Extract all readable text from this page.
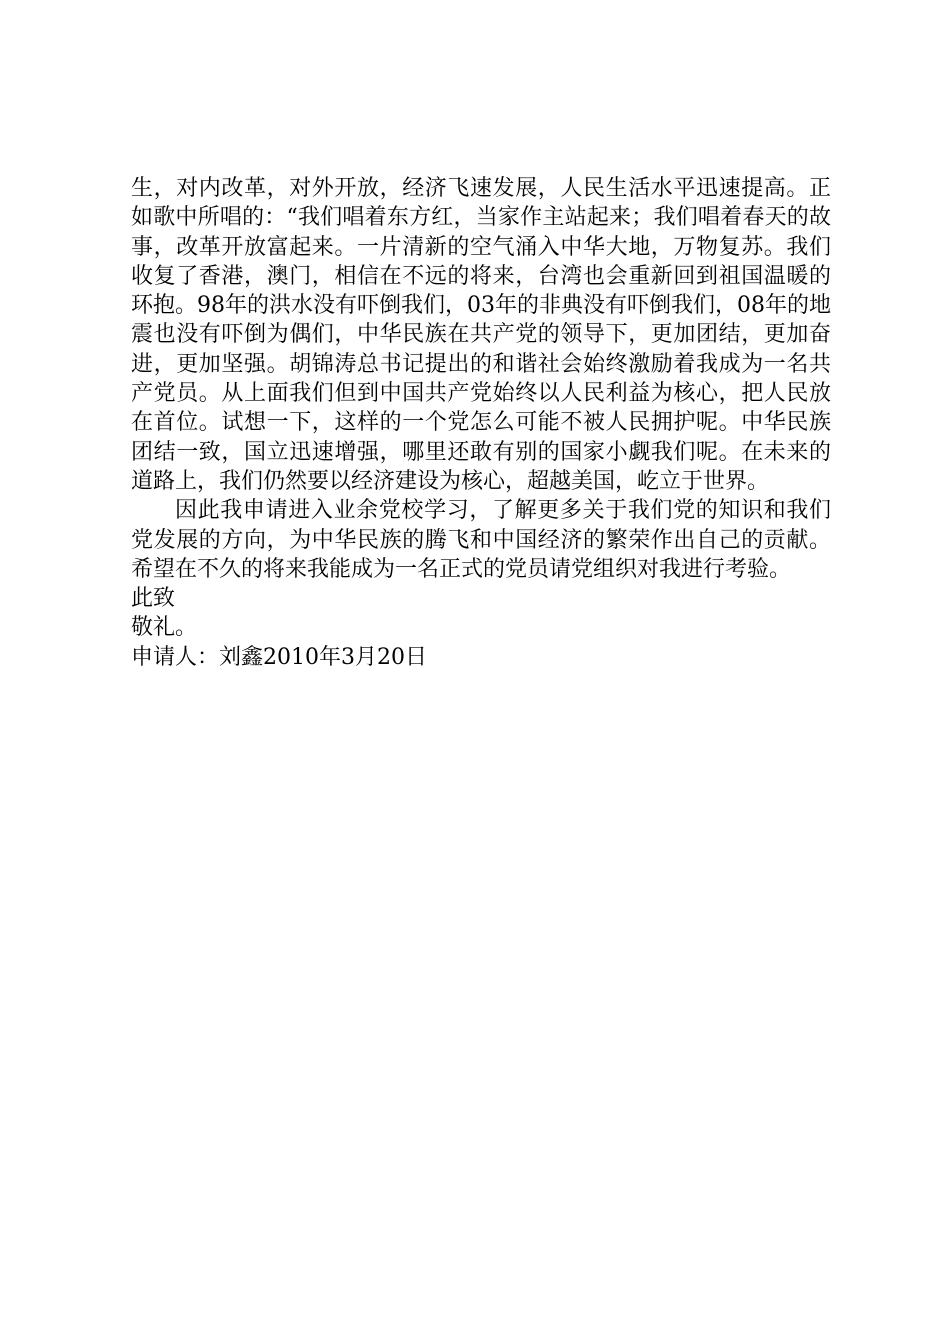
生，对内改革，对外开放，经济飞速发展，人民生活水平迅速提高。正如歌中所唱的：“我们唱着东方红，当家作主站起来；我们唱着春天的故事，改革开放富起来。一片清新的空气涌入中华大地，万物复苏。我们收复了香港，澳门，相信在不远的将来，台湾也会重新回到祖国温暖的环抱。98年的洪水没有吓倒我们，03年的非典没有吓倒我们，08年的地震也没有吓倒为偶们，中华民族在共产党的领导下，更加团结，更加奋进，更加坚强。胡锦涛总书记提出的和谐社会始终激励着我成为一名共产党员。从上面我们但到中国共产党始终以人民利益为核心，把人民放在首位。试想一下，这样的一个党怎么可能不被人民拥护呢。中华民族团结一致，国立迅速增强，哪里还敢有别的国家小觑我们呢。在未来的道路上，我们仍然要以经济建设为核心，超越美国，屹立于世界。

因此我申请进入业余党校学习，了解更多关于我们党的知识和我们党发展的方向，为中华民族的腾飞和中国经济的繁荣作出自己的贡献。希望在不久的将来我能成为一名正式的党员请党组织对我进行考验。

此致

敬礼。

申请人：刘鑫2010年3月20日
